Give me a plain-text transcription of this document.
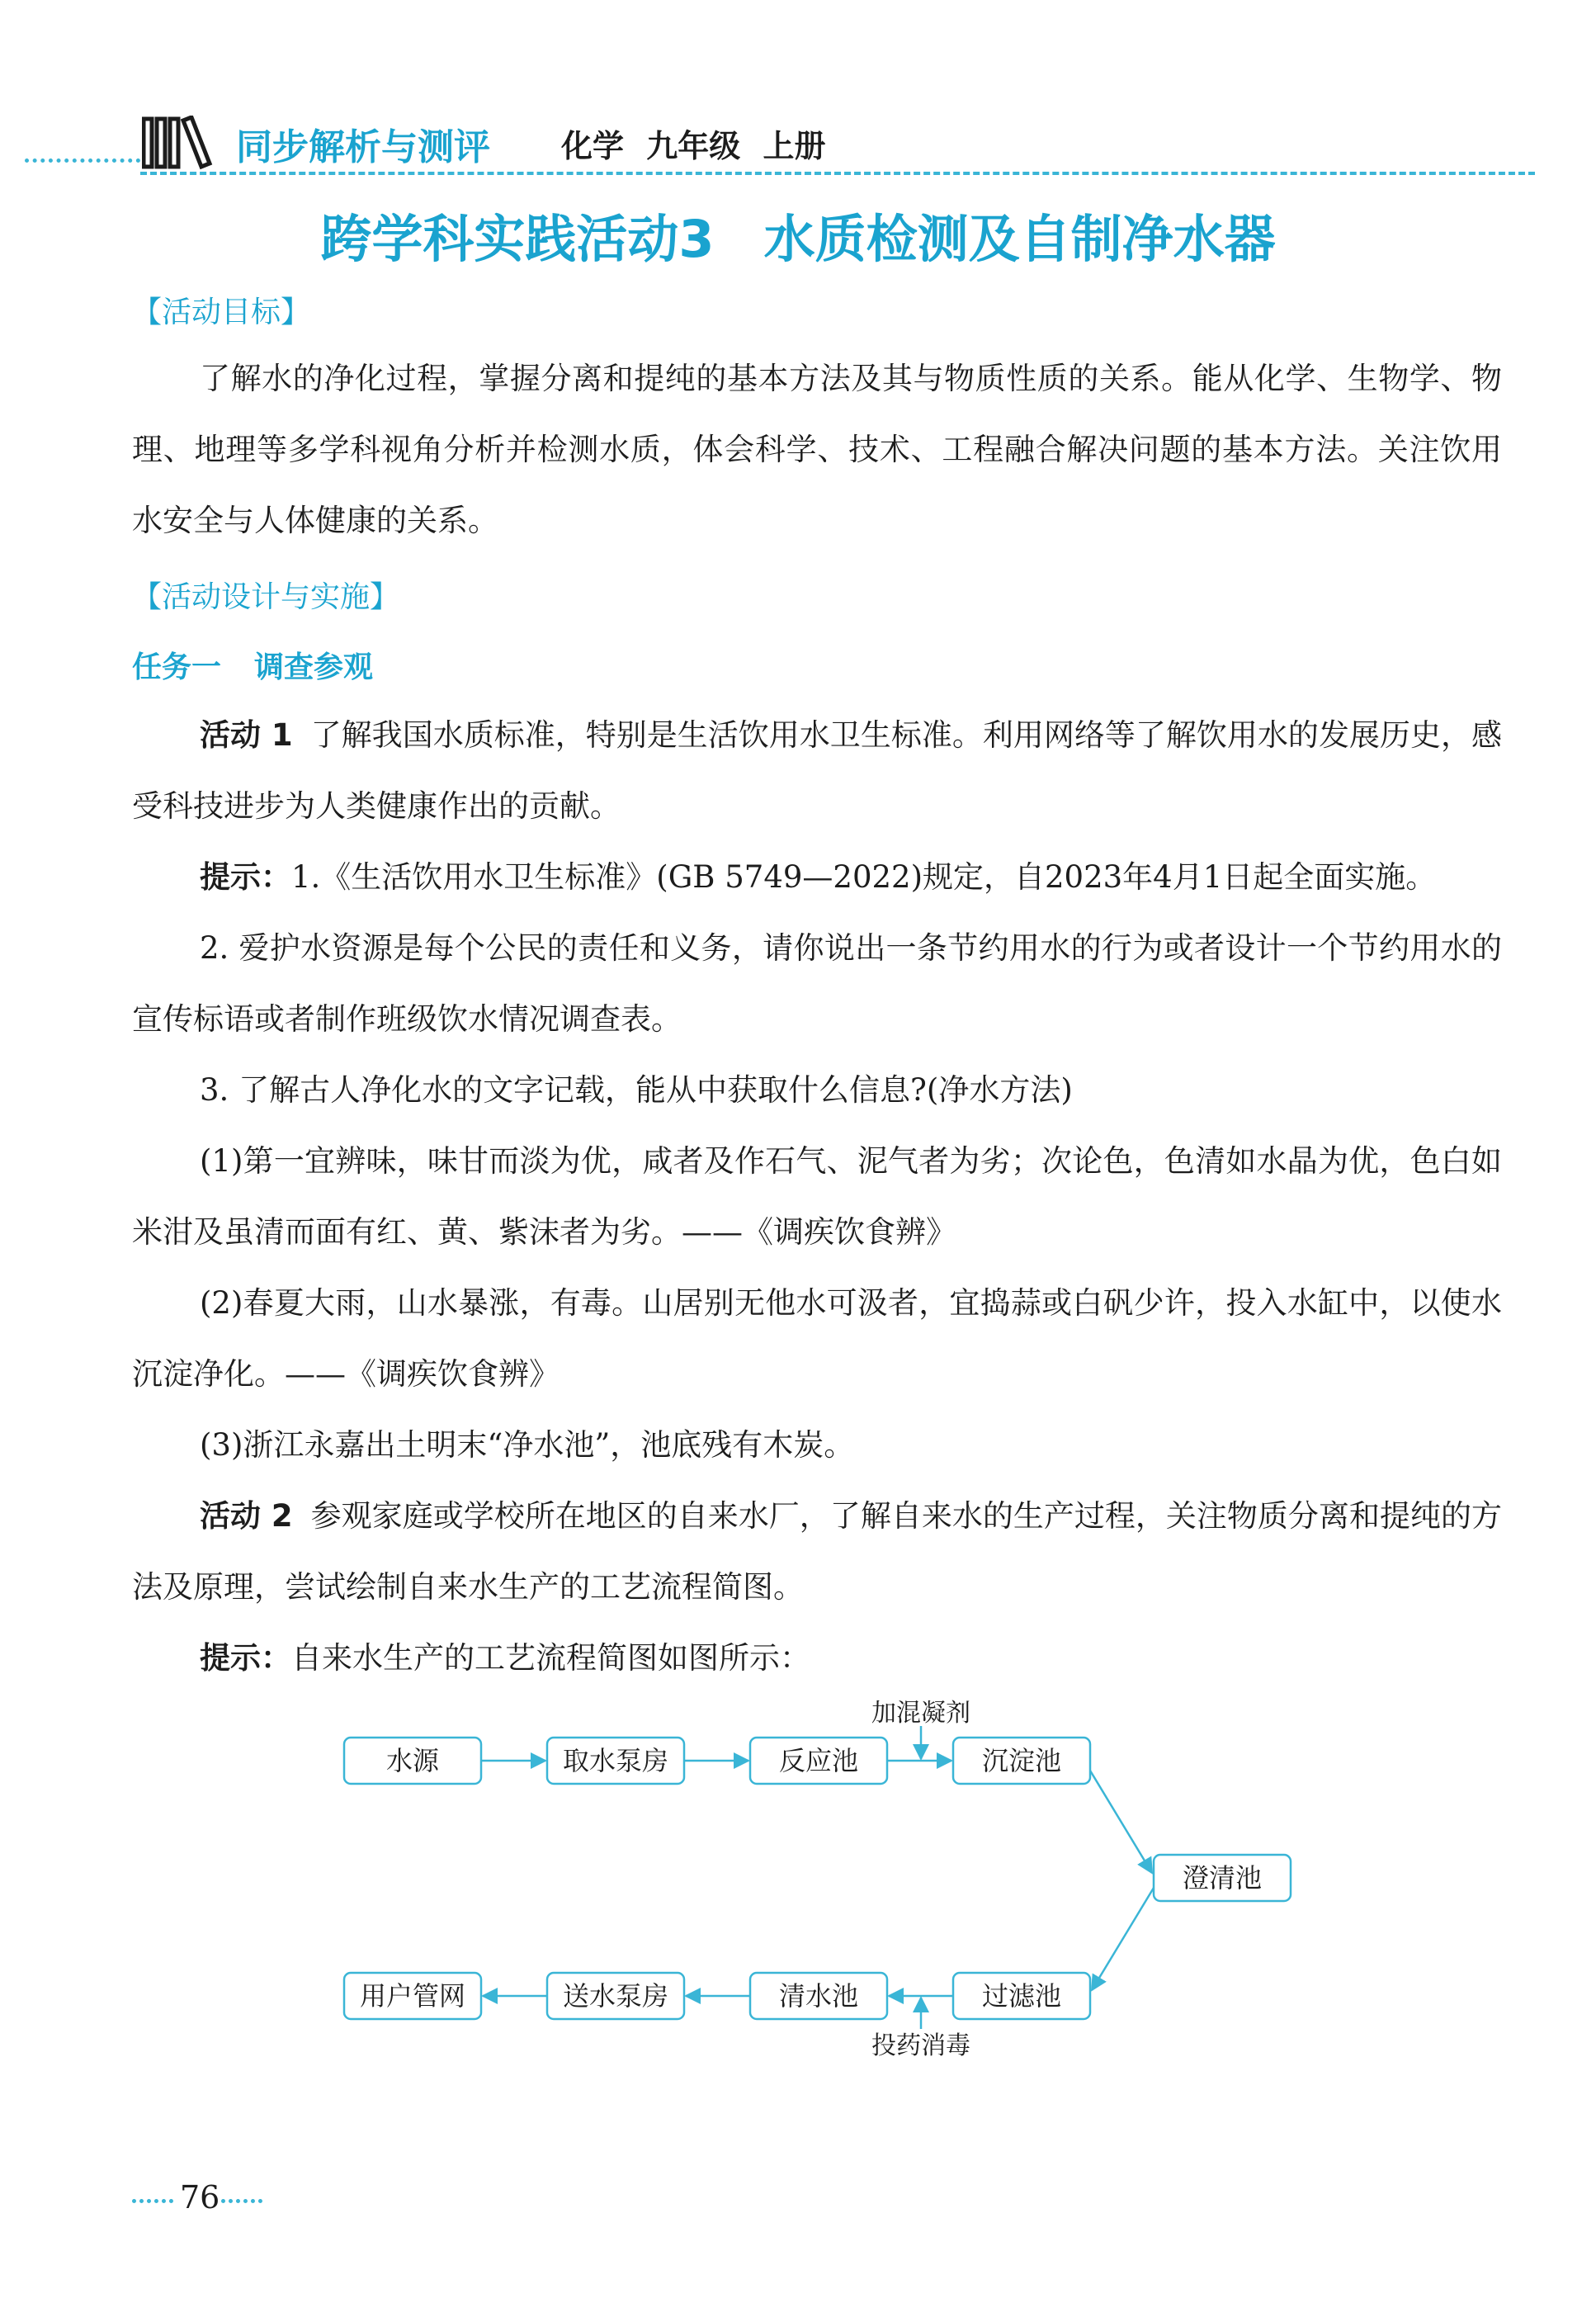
同步解析与测评 化学 九年级 上册
跨学科实践活动3 水质检测及自制净水器
【活动目标】

了解水的净化过程，掌握分离和提纯的基本方法及其与物质性质的关系。能从化学、生物学、物理、地理等多学科视角分析并检测水质，体会科学、技术、工程融合解决问题的基本方法。关注饮用水安全与人体健康的关系。

【活动设计与实施】
任务一 调查参观

活动 1 了解我国水质标准，特别是生活饮用水卫生标准。利用网络等了解饮用水的发展历史，感受科技进步为人类健康作出的贡献。

提示：1.《生活饮用水卫生标准》(GB 5749—2022)规定，自2023年4月1日起全面实施。

2. 爱护水资源是每个公民的责任和义务，请你说出一条节约用水的行为或者设计一个节约用水的宣传标语或者制作班级饮水情况调查表。

3. 了解古人净化水的文字记载，能从中获取什么信息?(净水方法)

(1)第一宜辨味，味甘而淡为优，咸者及作石气、泥气者为劣；次论色，色清如水晶为优，色白如米泔及虽清而面有红、黄、紫沫者为劣。——《调疾饮食辨》

(2)春夏大雨，山水暴涨，有毒。山居别无他水可汲者，宜捣蒜或白矾少许，投入水缸中，以使水沉淀净化。——《调疾饮食辨》

(3)浙江永嘉出土明末“净水池”，池底残有木炭。

活动 2 参观家庭或学校所在地区的自来水厂，了解自来水的生产过程，关注物质分离和提纯的方法及原理，尝试绘制自来水生产的工艺流程简图。

提示：自来水生产的工艺流程简图如图所示：

水源	取水泵房	反应池	沉淀池
澄清池
过滤池
清水池
送水泵房
用户管网
加混凝剂
投药消毒
76
